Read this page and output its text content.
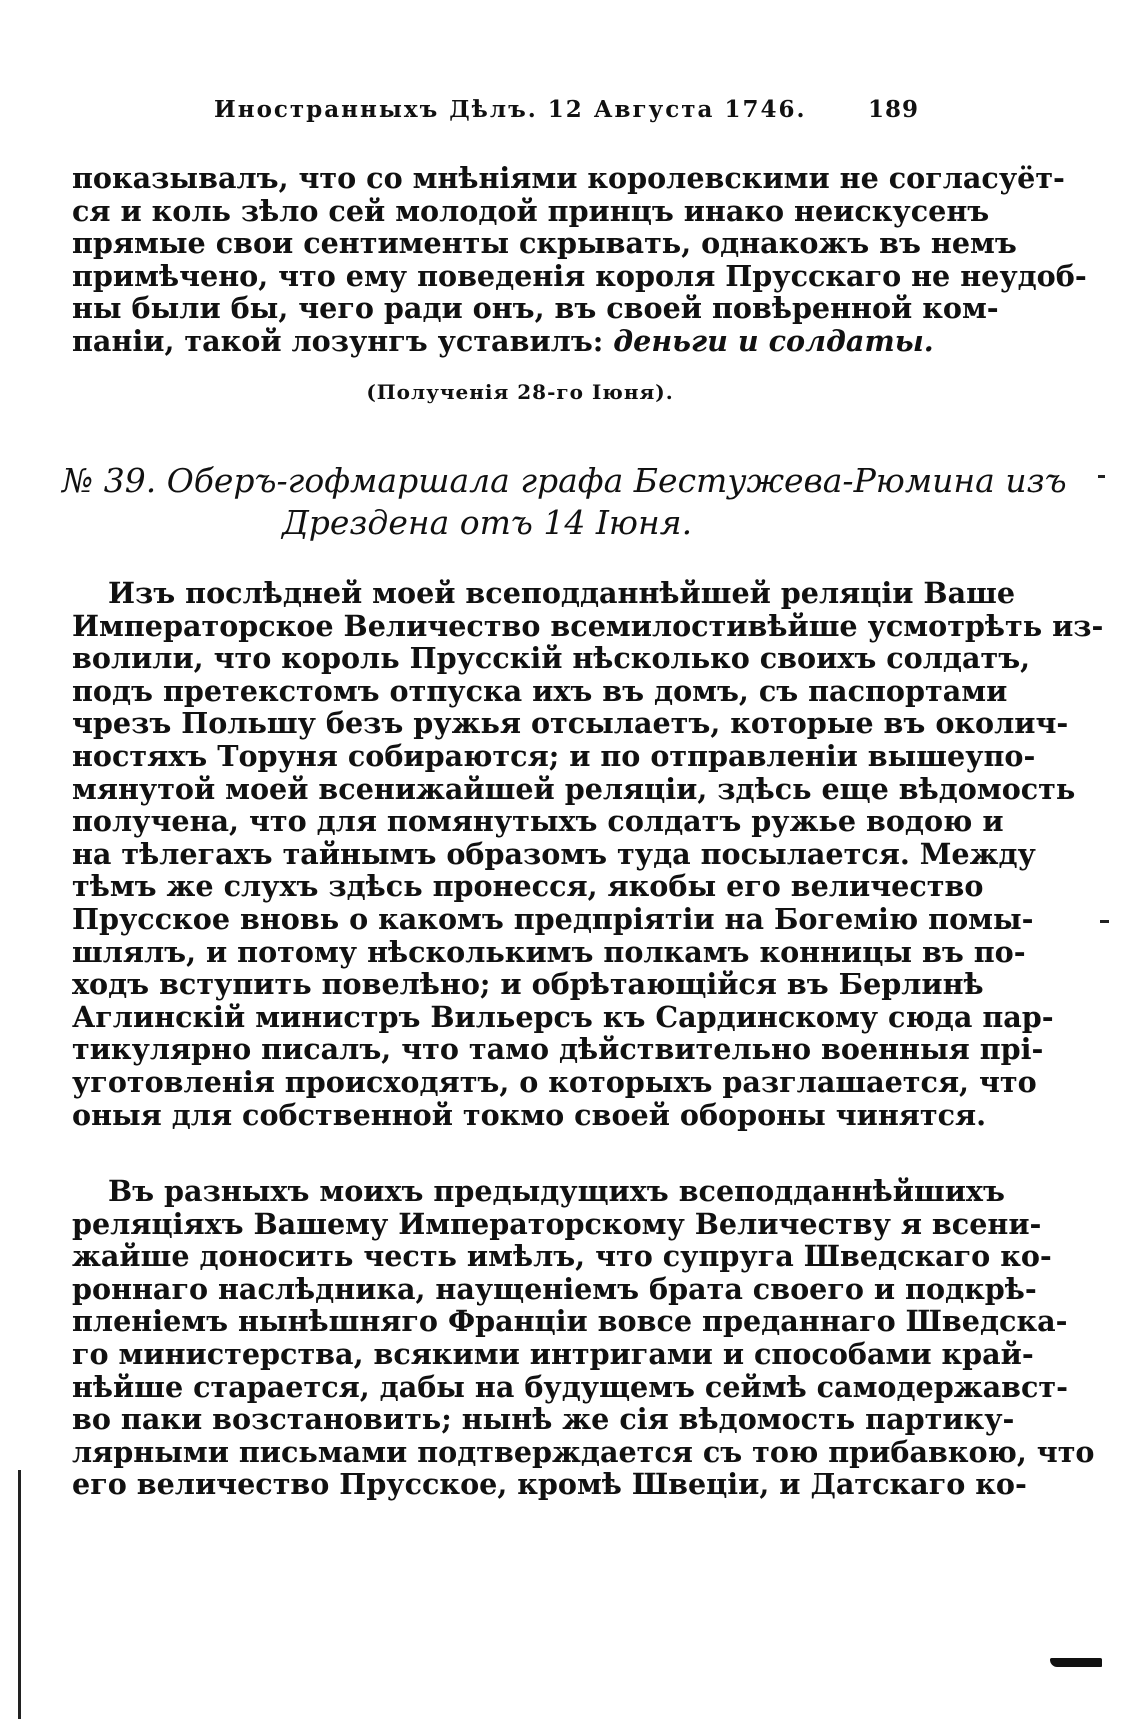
Иностранныхъ Дѣлъ. 12 Августа 1746.	189
показывалъ, что со мнѣніями королевскими не согласуёт-
ся и коль зѣло сей молодой принцъ инако неискусенъ
прямые свои сентименты скрывать, однакожъ въ немъ
примѣчено, что ему поведенія короля Прусскаго не неудоб-
ны были бы, чего ради онъ, въ своей повѣренной ком-
паніи, такой лозунгъ уставилъ: деньги и солдаты.
(Полученія 28-го Іюня).
№ 39. Оберъ-гофмаршала графа Бестужева-Рюмина изъ
Дрездена отъ 14 Іюня.
Изъ послѣдней моей всеподданнѣйшей реляціи Ваше
Императорское Величество всемилостивѣйше усмотрѣть из-
волили, что король Прусскій нѣсколько своихъ солдатъ,
подъ претекстомъ отпуска ихъ въ домъ, съ паспортами
чрезъ Польшу безъ ружья отсылаетъ, которые въ околич-
ностяхъ Торуня собираются; и по отправленіи вышеупо-
мянутой моей всенижайшей реляціи, здѣсь еще вѣдомость
получена, что для помянутыхъ солдатъ ружье водою и
на тѣлегахъ тайнымъ образомъ туда посылается. Между
тѣмъ же слухъ здѣсь пронесся, якобы его величество
Прусское вновь о какомъ предпріятіи на Богемію помы-
шлялъ, и потому нѣсколькимъ полкамъ конницы въ по-
ходъ вступить повелѣно; и обрѣтающійся въ Берлинѣ
Аглинскій министръ Вильерсъ къ Сардинскому сюда пар-
тикулярно писалъ, что тамо дѣйствительно военныя прі-
уготовленія происходятъ, о которыхъ разглашается, что
оныя для собственной токмо своей обороны чинятся.
Въ разныхъ моихъ предыдущихъ всеподданнѣйшихъ
реляціяхъ Вашему Императорскому Величеству я всени-
жайше доносить честь имѣлъ, что супруга Шведскаго ко-
роннаго наслѣдника, наущеніемъ брата своего и подкрѣ-
пленіемъ нынѣшняго Франціи вовсе преданнаго Шведска-
го министерства, всякими интригами и способами край-
нѣйше старается, дабы на будущемъ сеймѣ самодержавст-
во паки возстановить; нынѣ же сія вѣдомость партику-
лярными письмами подтверждается съ тою прибавкою, что
его величество Прусское, кромѣ Швеціи, и Датскаго ко-
